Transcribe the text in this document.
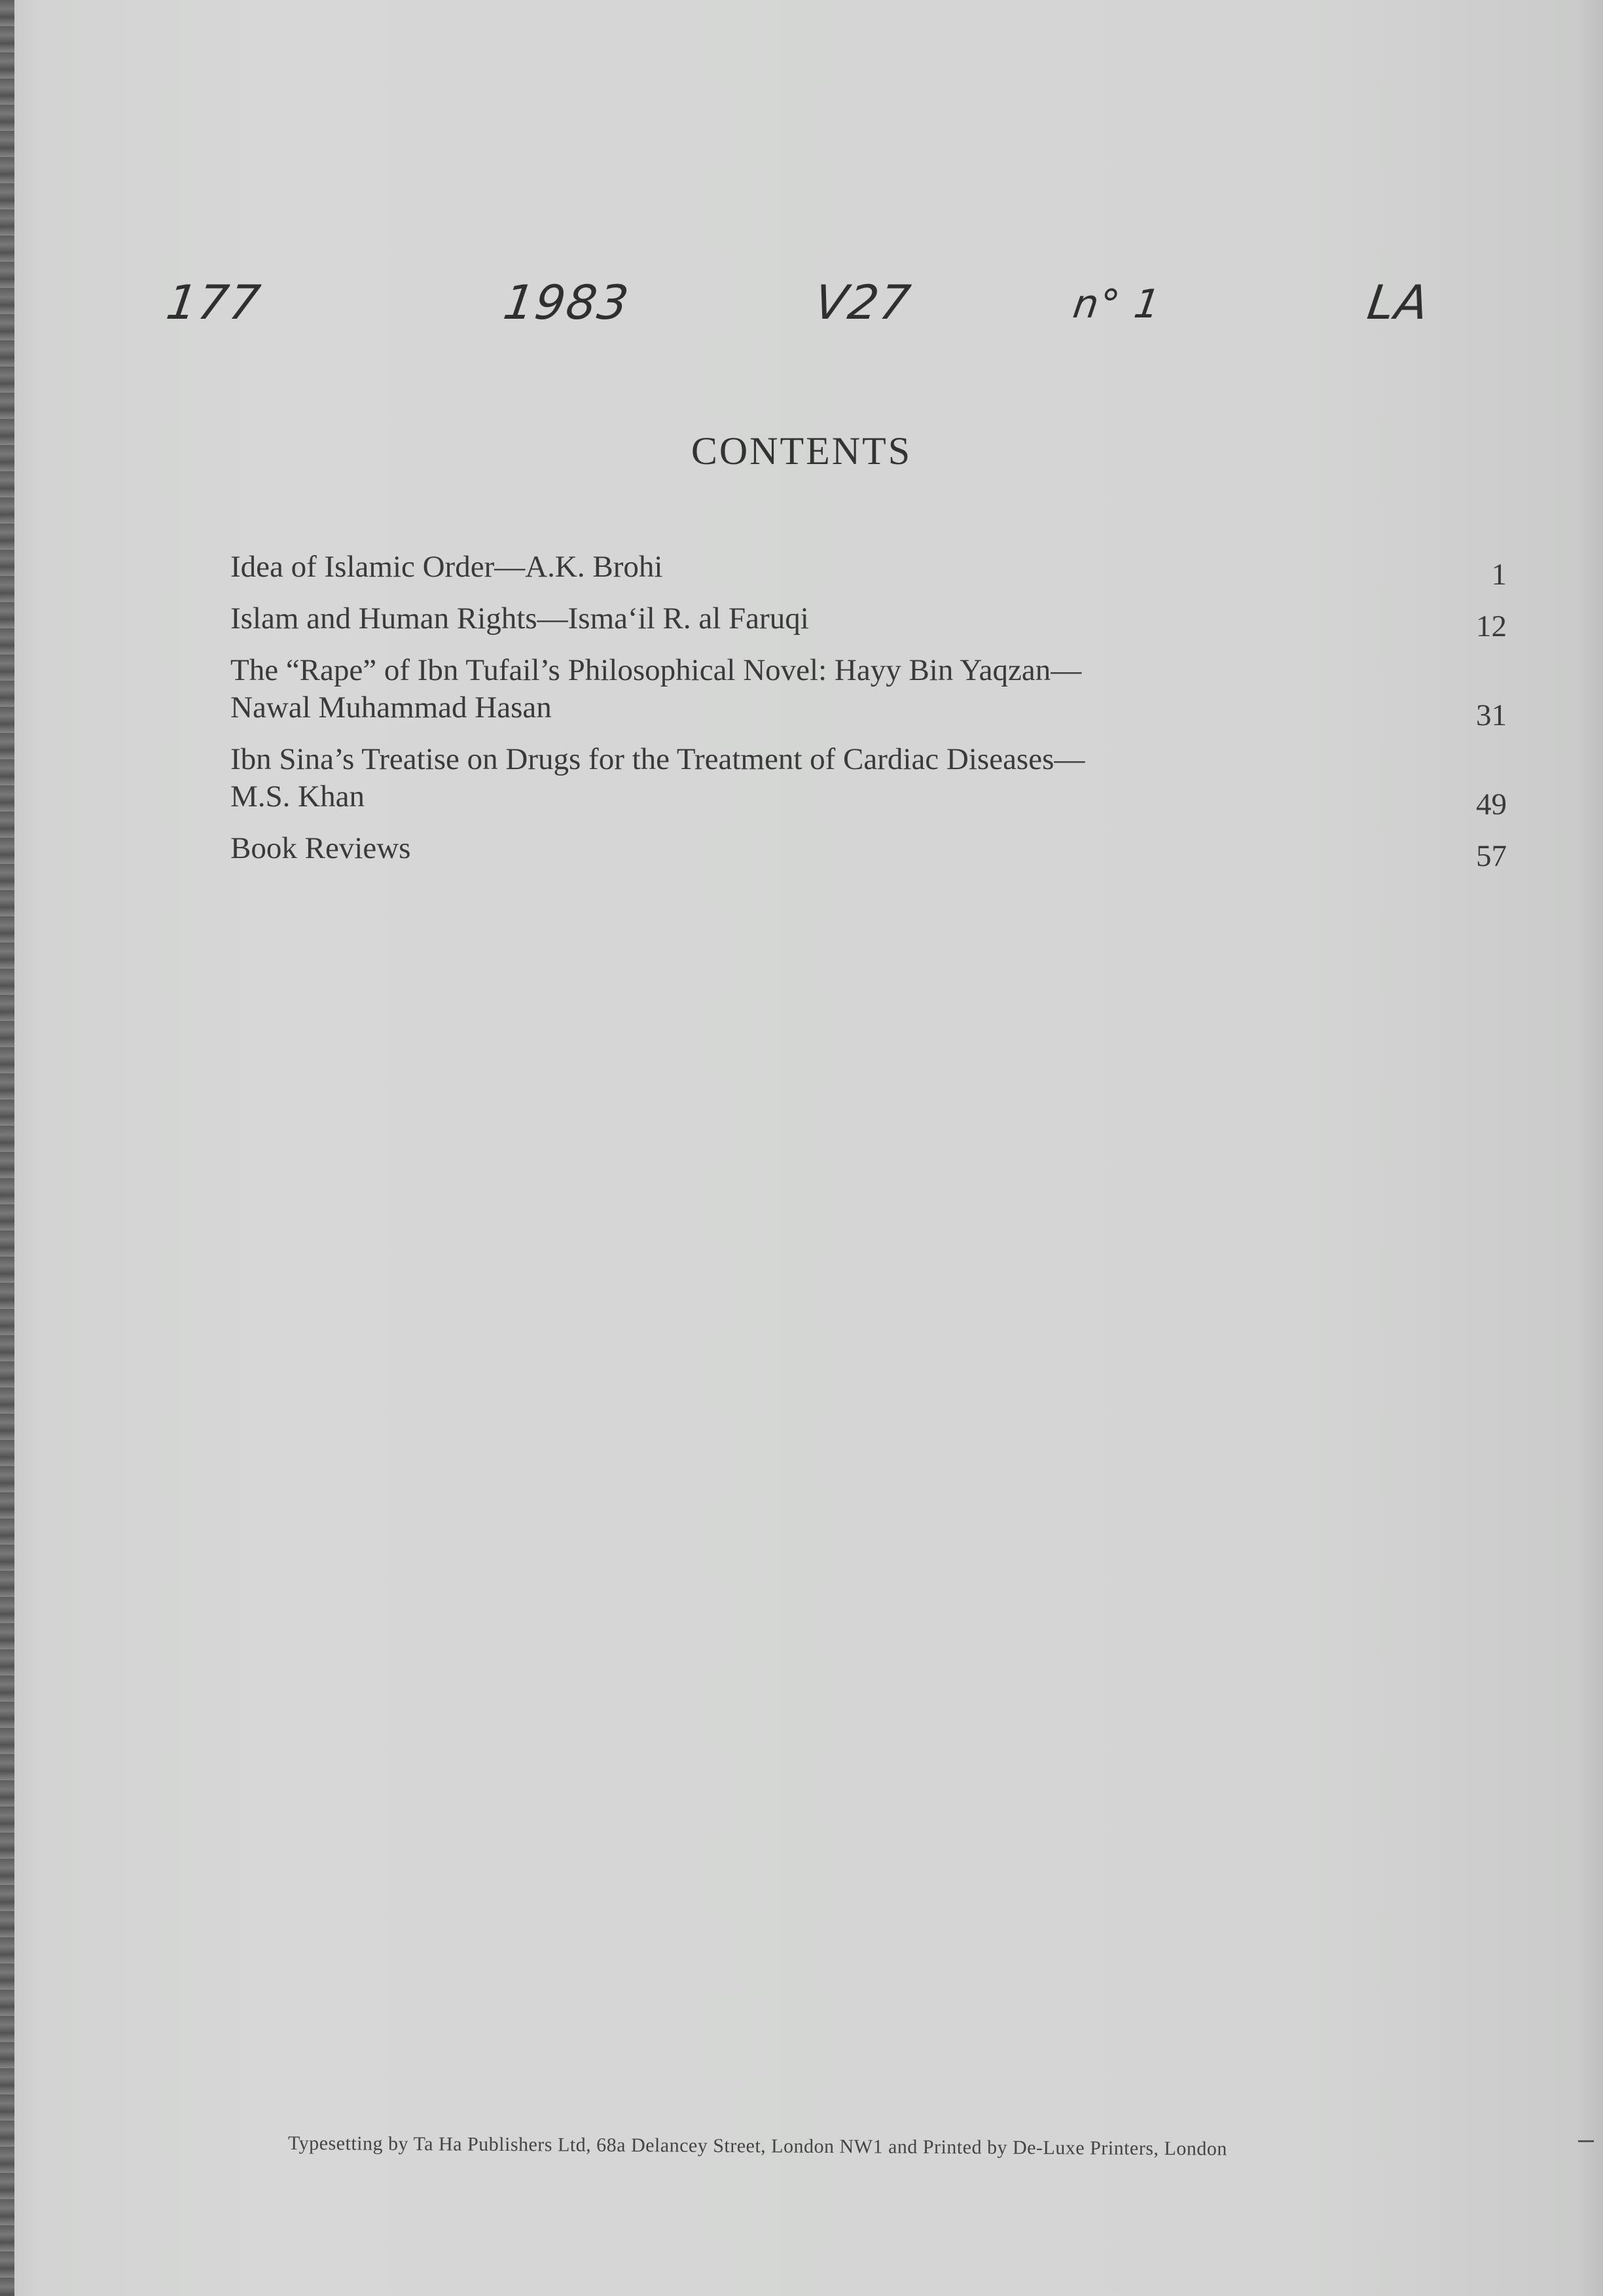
177	1983	V27	n° 1	LA
CONTENTS
Idea of Islamic Order—A.K. Brohi	1
Islam and Human Rights—Isma‘il R. al Faruqi	12
The “Rape” of Ibn Tufail’s Philosophical Novel: Hayy Bin Yaqzan—
Nawal Muhammad Hasan	31
Ibn Sina’s Treatise on Drugs for the Treatment of Cardiac Diseases—
M.S. Khan	49
Book Reviews	57
Typesetting by Ta Ha Publishers Ltd, 68a Delancey Street, London NW1 and Printed by De-Luxe Printers, London
